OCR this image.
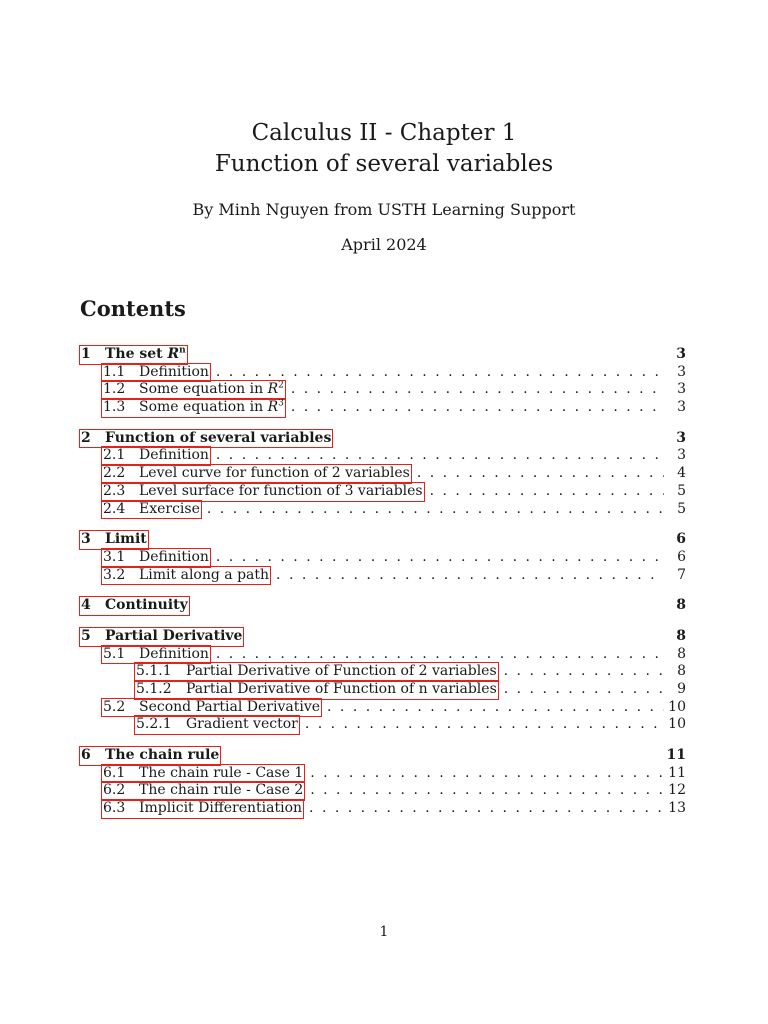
Calculus II - Chapter 1
Function of several variables
By Minh Nguyen from USTH Learning Support
April 2024
Contents
1 The set $R^n$	3
1.1 Definition . . .	3
1.2 Some equation in $R^2$ . . .	3
1.3 Some equation in $R^3$ . . .	3
2 Function of several variables	3
2.1 Definition . . .	3
2.2 Level curve for function of 2 variables . . .	4
2.3 Level surface for function of 3 variables . . .	5
2.4 Exercise . . .	5
3 Limit	6
3.1 Definition . . .	6
3.2 Limit along a path . . .	7
4 Continuity	8
5 Partial Derivative	8
5.1 Definition . . .	8
5.1.1 Partial Derivative of Function of 2 variables . . .	8
5.1.2 Partial Derivative of Function of n variables . . .	9
5.2 Second Partial Derivative . . .	10
5.2.1 Gradient vector . . .	10
6 The chain rule	11
6.1 The chain rule - Case 1 . . .	11
6.2 The chain rule - Case 2 . . .	12
6.3 Implicit Differentiation . . .	13
1
